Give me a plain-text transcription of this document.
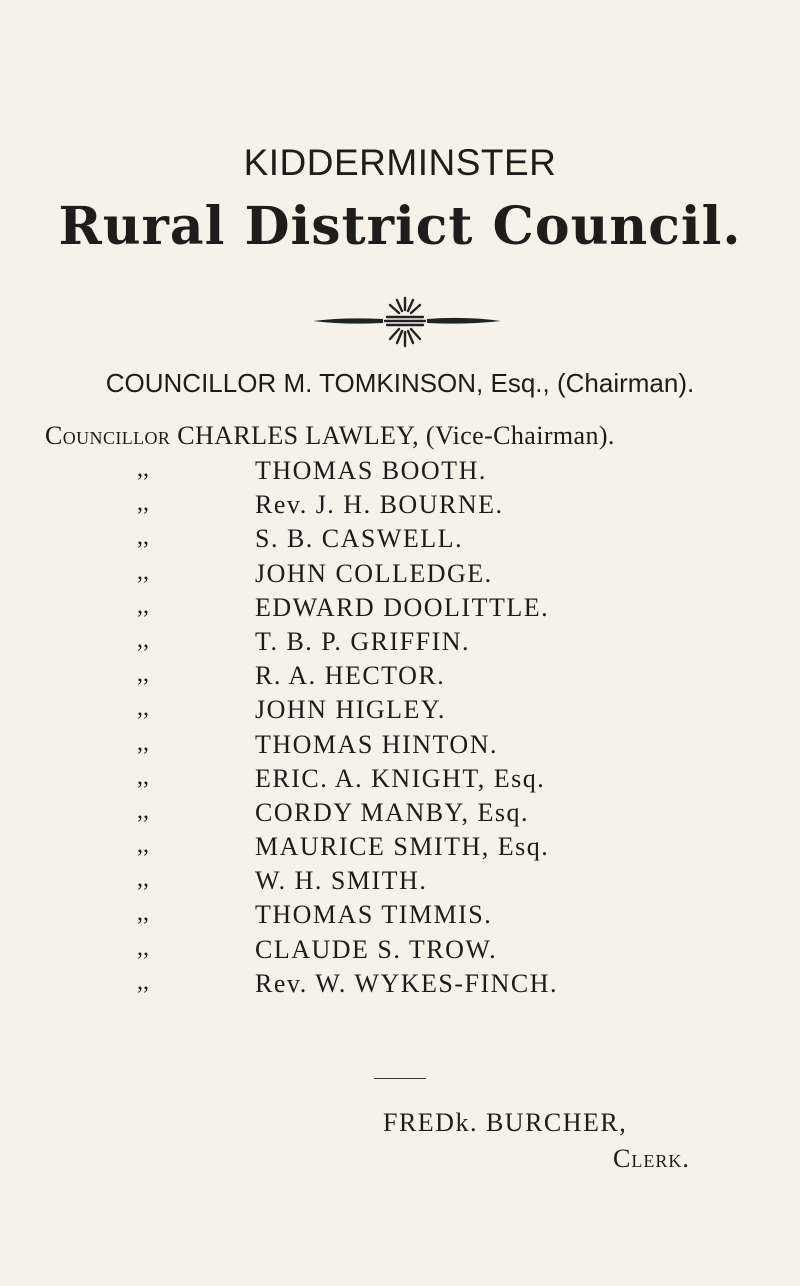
KIDDERMINSTER
Rural District Council.
COUNCILLOR M. TOMKINSON, Esq., (Chairman).
Councillor CHARLES LAWLEY, (Vice-Chairman).
,,	THOMAS BOOTH.
,,	Rev. J. H. BOURNE.
,,	S. B. CASWELL.
,,	JOHN COLLEDGE.
,,	EDWARD DOOLITTLE.
,,	T. B. P. GRIFFIN.
,,	R. A. HECTOR.
,,	JOHN HIGLEY.
,,	THOMAS HINTON.
,,	ERIC. A. KNIGHT, Esq.
,,	CORDY MANBY, Esq.
,,	MAURICE SMITH, Esq.
,,	W. H. SMITH.
,,	THOMAS TIMMIS.
,,	CLAUDE S. TROW.
,,	Rev. W. WYKES-FINCH.
FREDk. BURCHER,
Clerk.
